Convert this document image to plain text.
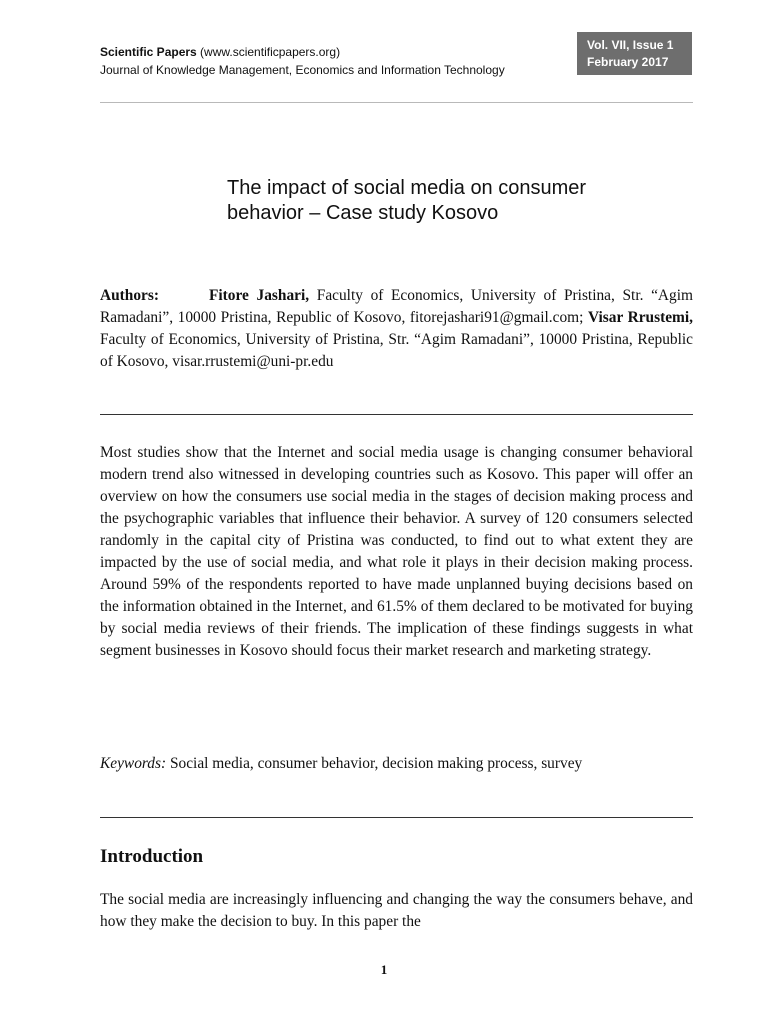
Scientific Papers (www.scientificpapers.org)
Journal of Knowledge Management, Economics and Information Technology
Vol. VII, Issue 1
February 2017
The impact of social media on consumer
behavior – Case study Kosovo

Authors:	Fitore Jashari, Faculty of Economics, University of Pristina, Str. “Agim Ramadani”, 10000 Pristina, Republic of Kosovo, fitorejashari91@gmail.com; Visar Rrustemi, Faculty of Economics, University of Pristina, Str. “Agim Ramadani”, 10000 Pristina, Republic of Kosovo, visar.rrustemi@uni-pr.edu

Most studies show that the Internet and social media usage is changing consumer behavioral modern trend also witnessed in developing countries such as Kosovo. This paper will offer an overview on how the consumers use social media in the stages of decision making process and the psychographic variables that influence their behavior. A survey of 120 consumers selected randomly in the capital city of Pristina was conducted, to find out to what extent they are impacted by the use of social media, and what role it plays in their decision making process. Around 59% of the respondents reported to have made unplanned buying decisions based on the information obtained in the Internet, and 61.5% of them declared to be motivated for buying by social media reviews of their friends. The implication of these findings suggests in what segment businesses in Kosovo should focus their market research and marketing strategy.

Keywords: Social media, consumer behavior, decision making process, survey

Introduction

The social media are increasingly influencing and changing the way the consumers behave, and how they make the decision to buy. In this paper the

1
